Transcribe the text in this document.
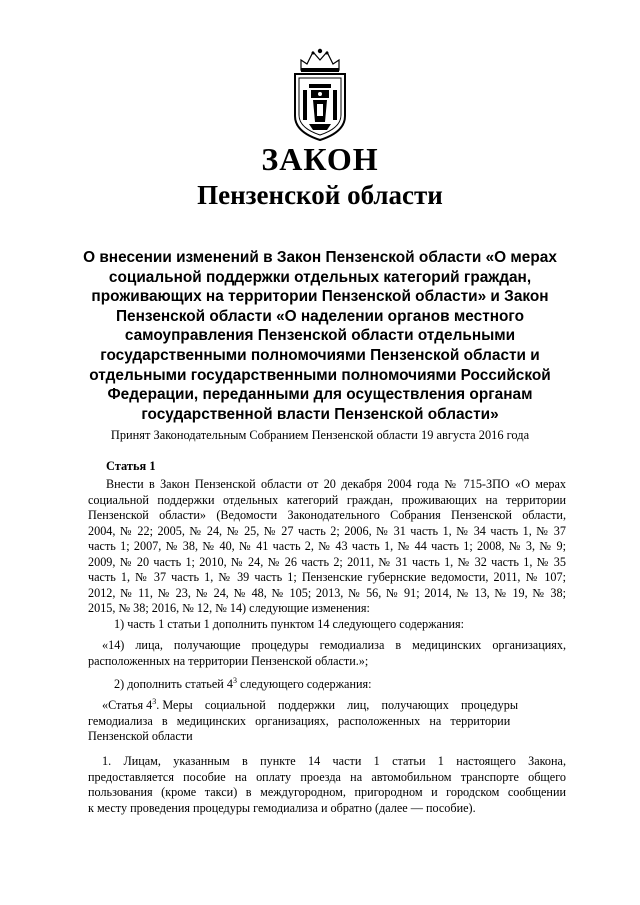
ЗАКОН
Пензенской области
О внесении изменений в Закон Пензенской области «О мерах
социальной поддержки отдельных категорий граждан,
проживающих на территории Пензенской области» и Закон
Пензенской области «О наделении органов местного
самоуправления Пензенской области отдельными
государственными полномочиями Пензенской области и
отдельными государственными полномочиями Российской
Федерации, переданными для осуществления органам
государственной власти Пензенской области»
Принят Законодательным Собранием Пензенской области 19 августа 2016 года
Статья 1
Внести в Закон Пензенской области от 20 декабря 2004 года № 715-ЗПО «О мерах
социальной поддержки отдельных категорий граждан, проживающих на территории
Пензенской области» (Ведомости Законодательного Собрания Пензенской области,
2004, № 22; 2005, № 24, № 25, № 27 часть 2; 2006, № 31 часть 1, № 34 часть 1, № 37
часть 1; 2007, № 38, № 40, № 41 часть 2, № 43 часть 1, № 44 часть 1; 2008, № 3, № 9;
2009, № 20 часть 1; 2010, № 24, № 26 часть 2; 2011, № 31 часть 1, № 32 часть 1, № 35
часть 1, № 37 часть 1, № 39 часть 1; Пензенские губернские ведомости, 2011, № 107;
2012, № 11, № 23, № 24, № 48, № 105; 2013, № 56, № 91; 2014, № 13, № 19, № 38;
2015, № 38; 2016, № 12, № 14) следующие изменения:
1) часть 1 статьи 1 дополнить пунктом 14 следующего содержания:
«14) лица, получающие процедуры гемодиализа в медицинских организациях,
расположенных на территории Пензенской области.»;
2) дополнить статьей $4^3$ следующего содержания:
«Статья $4^3$. Меры    социальной    поддержки    лиц,    получающих    процедуры
гемодиализа   в   медицинских   организациях,   расположенных   на   территории
Пензенской области
1. Лицам, указанным в пункте 14 части 1 статьи 1 настоящего Закона,
предоставляется пособие на оплату проезда на автомобильном транспорте общего
пользования (кроме такси) в междугородном, пригородном и городском сообщении
к месту проведения процедуры гемодиализа и обратно (далее — пособие).
